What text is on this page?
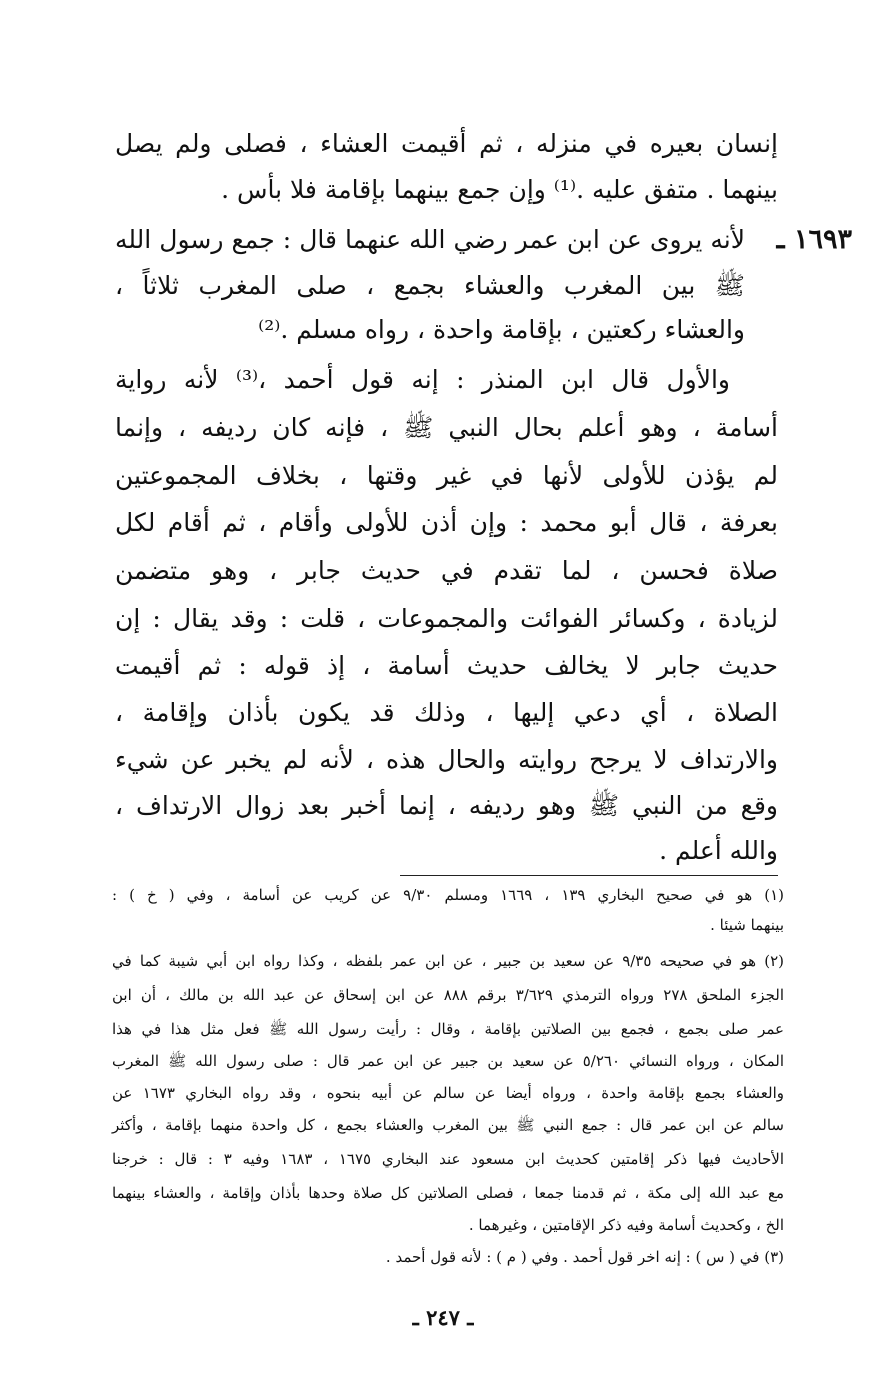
إنسان بعيره في منزله ، ثم أقيمت العشاء ، فصلى ولم يصل
بينهما . متفق عليه .⁽¹⁾ وإن جمع بينهما بإقامة فلا بأس .
١٦٩٣ ـ
لأنه يروى عن ابن عمر رضي الله عنهما قال : جمع رسول الله
ﷺ بين المغرب والعشاء بجمع ، صلى المغرب ثلاثاً ،
والعشاء ركعتين ، بإقامة واحدة ، رواه مسلم .⁽²⁾
والأول قال ابن المنذر : إنه قول أحمد ،⁽³⁾ لأنه رواية
أسامة ، وهو أعلم بحال النبي ﷺ ، فإنه كان رديفه ، وإنما
لم يؤذن للأولى لأنها في غير وقتها ، بخلاف المجموعتين
بعرفة ، قال أبو محمد : وإن أذن للأولى وأقام ، ثم أقام لكل
صلاة فحسن ، لما تقدم في حديث جابر ، وهو متضمن
لزيادة ، وكسائر الفوائت والمجموعات ، قلت : وقد يقال : إن
حديث جابر لا يخالف حديث أسامة ، إذ قوله : ثم أقيمت
الصلاة ، أي دعي إليها ، وذلك قد يكون بأذان وإقامة ،
والارتداف لا يرجح روايته والحال هذه ، لأنه لم يخبر عن شيء
وقع من النبي ﷺ وهو رديفه ، إنما أخبر بعد زوال الارتداف ،
والله أعلم .
(١) هو في صحيح البخاري ١٣٩ ، ١٦٦٩ ومسلم ٩/٣٠ عن كريب عن أسامة ، وفي ( خ ) :
بينهما شيئا .
(٢) هو في صحيحه ٩/٣٥ عن سعيد بن جبير ، عن ابن عمر بلفظه ، وكذا رواه ابن أبي شيبة كما في
الجزء الملحق ٢٧٨ ورواه الترمذي ٣/٦٢٩ برقم ٨٨٨ عن ابن إسحاق عن عبد الله بن مالك ، أن ابن
عمر صلى بجمع ، فجمع بين الصلاتين بإقامة ، وقال : رأيت رسول الله ﷺ فعل مثل هذا في هذا
المكان ، ورواه النسائي ٥/٢٦٠ عن سعيد بن جبير عن ابن عمر قال : صلى رسول الله ﷺ المغرب
والعشاء بجمع بإقامة واحدة ، ورواه أيضا عن سالم عن أبيه بنحوه ، وقد رواه البخاري ١٦٧٣ عن
سالم عن ابن عمر قال : جمع النبي ﷺ بين المغرب والعشاء بجمع ، كل واحدة منهما بإقامة ، وأكثر
الأحاديث فيها ذكر إقامتين كحديث ابن مسعود عند البخاري ١٦٧٥ ، ١٦٨٣ وفيه ٣ : قال : خرجنا
مع عبد الله إلى مكة ، ثم قدمنا جمعا ، فصلى الصلاتين كل صلاة وحدها بأذان وإقامة ، والعشاء بينهما
الخ ، وكحديث أسامة وفيه ذكر الإقامتين ، وغيرهما .
(٣) في ( س ) : إنه اخر قول أحمد . وفي ( م ) : لأنه قول أحمد .
ـ ٢٤٧ ـ
